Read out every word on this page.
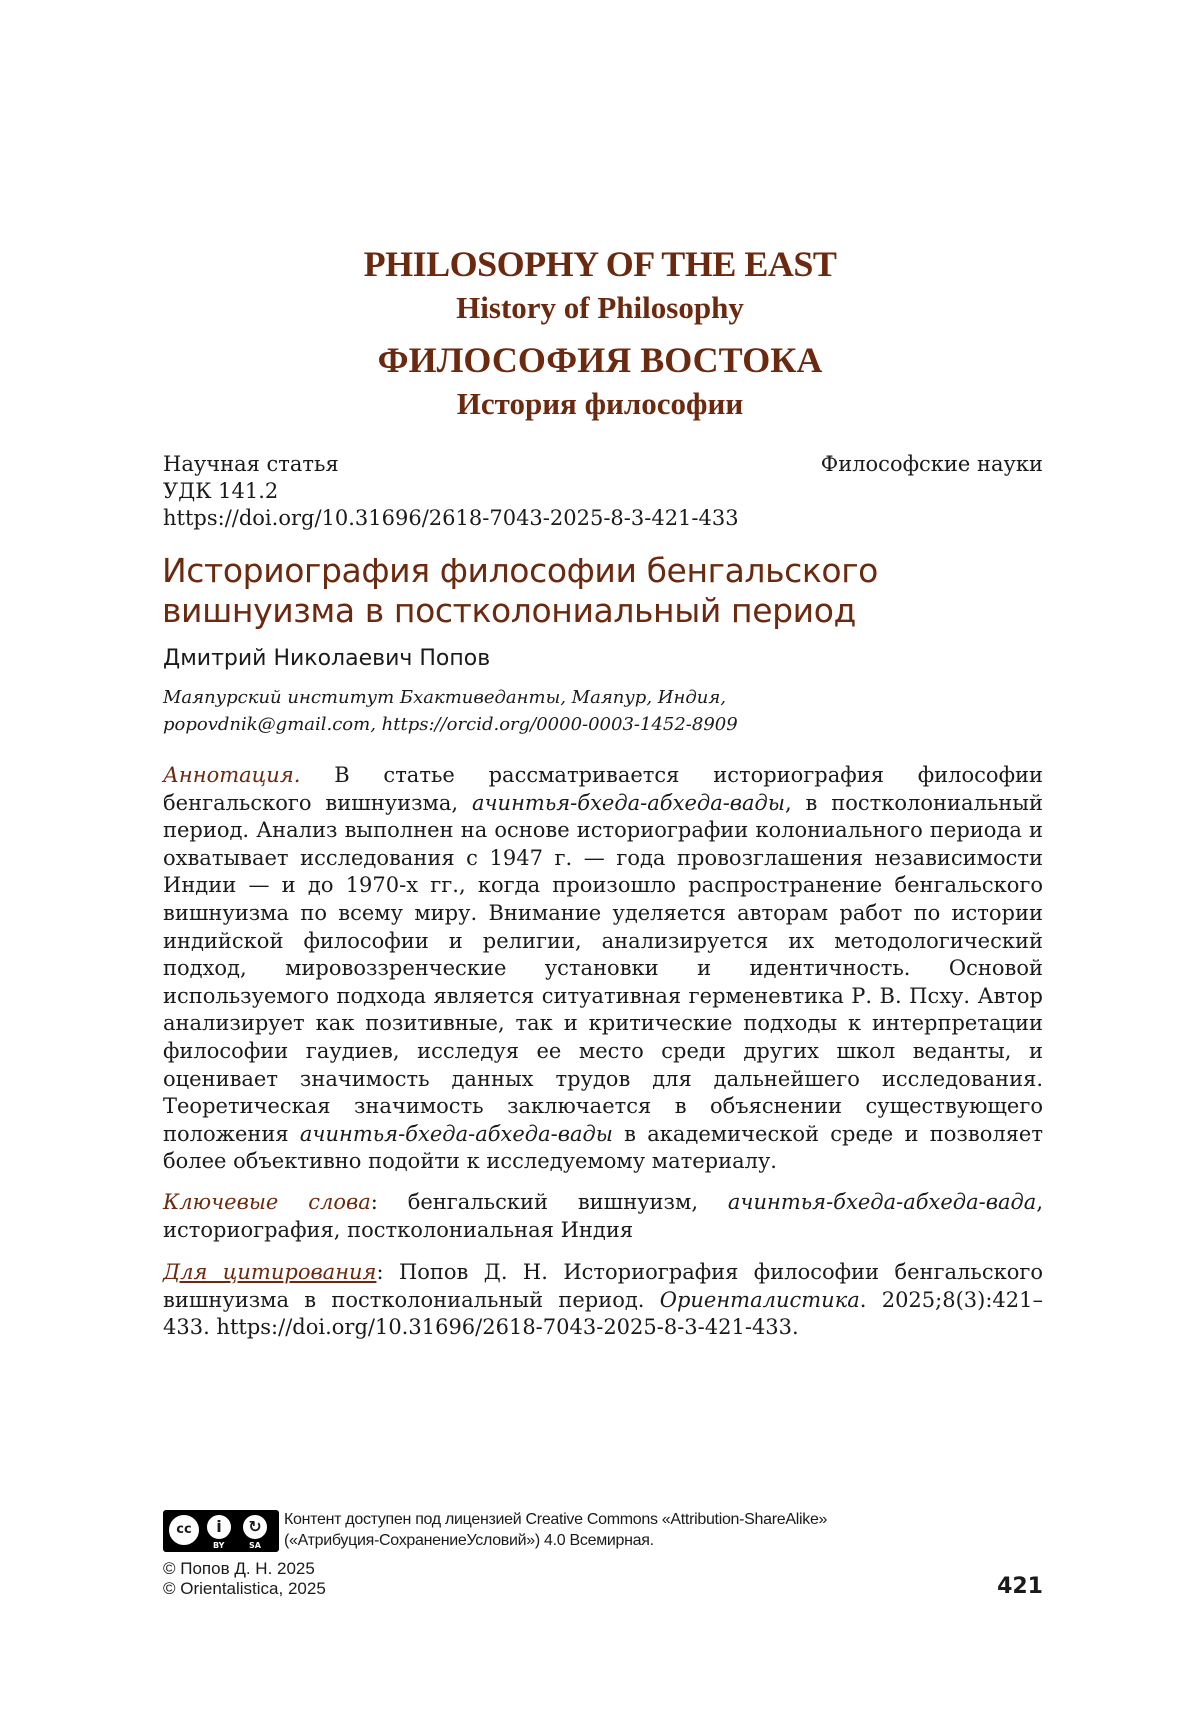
PHILOSOPHY OF THE EAST
History of Philosophy
ФИЛОСОФИЯ ВОСТОКА
История философии
Научная статья	Философские науки
УДК 141.2
https://doi.org/10.31696/2618-7043-2025-8-3-421-433
Историография философии бенгальского
вишнуизма в постколониальный период
Дмитрий Николаевич Попов
Маяпурский институт Бхактиведанты, Маяпур, Индия,
popovdnik@gmail.com, https://orcid.org/0000-0003-1452-8909
Аннотация. В статье рассматривается историография философии бенгальского вишнуизма, ачинтья-бхеда-абхеда-вады, в постколониальный период. Анализ выполнен на основе историографии колониального периода и охватывает исследования с 1947 г. — года провозглашения независимости Индии — и до 1970-х гг., когда произошло распространение бенгальского вишнуизма по всему миру. Внимание уделяется авторам работ по истории индийской философии и религии, анализируется их методологический подход, мировоззренческие установки и идентичность. Основой используемого подхода является ситуативная герменевтика Р. В. Псху. Автор анализирует как позитивные, так и критические подходы к интерпретации философии гаудиев, исследуя ее место среди других школ веданты, и оценивает значимость данных трудов для дальнейшего исследования. Теоретическая значимость заключается в объяснении существующего положения ачинтья-бхеда-абхеда-вады в академической среде и позволяет более объективно подойти к исследуемому материалу.
Ключевые слова: бенгальский вишнуизм, ачинтья-бхеда-абхеда-вада, историография, постколониальная Индия
Для цитирования: Попов Д. Н. Историография философии бенгальского вишнуизма в постколониальный период. Ориенталистика. 2025;8(3):421–433. https://doi.org/10.31696/2618-7043-2025-8-3-421-433.
cc	i	↻
BY	SA
Контент доступен под лицензией Creative Commons «Attribution-ShareAlike»
(«Атрибуция-СохранениеУсловий») 4.0 Всемирная.
© Попов Д. Н. 2025
© Orientalistica, 2025	421
